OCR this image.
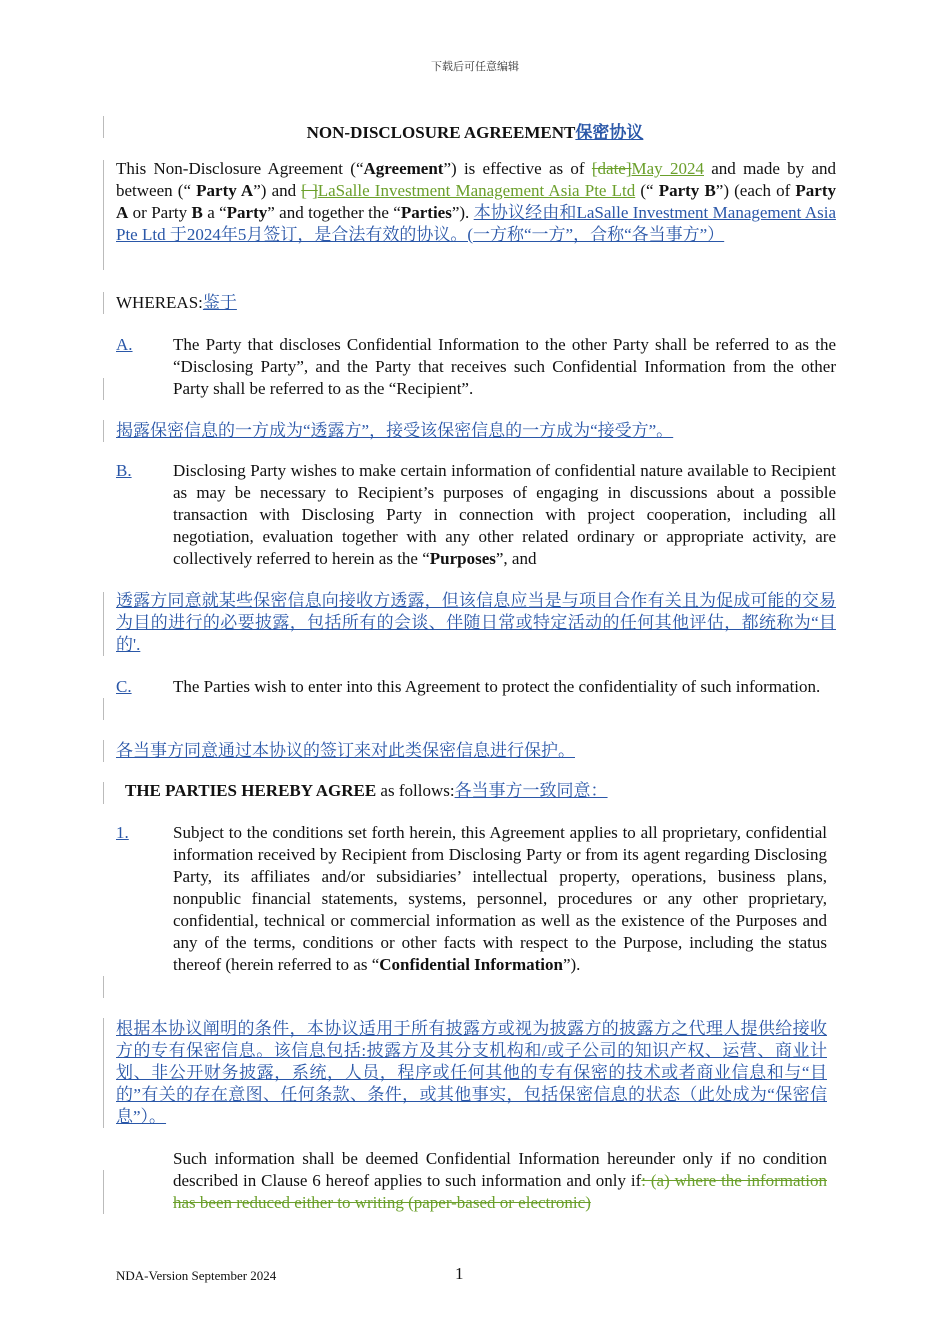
下载后可任意编辑
NON-DISCLOSURE AGREEMENT保密协议
This Non-Disclosure Agreement (“Agreement”) is effective as of [date]May 2024 and made by and between (“ Party A”) and [ ]LaSalle Investment Management Asia Pte Ltd (“ Party B”) (each of Party A or Party B a “Party” and together the “Parties”). 本协议经由和LaSalle Investment Management Asia Pte Ltd 于2024年5月签订，是合法有效的协议。(一方称“一方”，合称“各当事方”）
WHEREAS:鉴于
A. The Party that discloses Confidential Information to the other Party shall be referred to as the “Disclosing Party”, and the Party that receives such Confidential Information from the other Party shall be referred to as the “Recipient”.
揭露保密信息的一方成为“透露方”，接受该保密信息的一方成为“接受方”。
B. Disclosing Party wishes to make certain information of confidential nature available to Recipient as may be necessary to Recipient’s purposes of engaging in discussions about a possible transaction with Disclosing Party in connection with project cooperation, including all negotiation, evaluation together with any other related ordinary or appropriate activity, are collectively referred to herein as the “Purposes”, and
透露方同意就某些保密信息向接收方透露，但该信息应当是与项目合作有关且为促成可能的交易为目的进行的必要披露，包括所有的会谈、伴随日常或特定活动的任何其他评估，都统称为“目的'.
C. The Parties wish to enter into this Agreement to protect the confidentiality of such information.
各当事方同意通过本协议的签订来对此类保密信息进行保护。
THE PARTIES HEREBY AGREE as follows:各当事方一致同意：
1.	Subject to the conditions set forth herein, this Agreement applies to all proprietary, confidential information received by Recipient from Disclosing Party or from its agent regarding Disclosing Party, its affiliates and/or subsidiaries’ intellectual property, operations, business plans, nonpublic financial statements, systems, personnel, procedures or any other proprietary, confidential, technical or commercial information as well as the existence of the Purposes and any of the terms, conditions or other facts with respect to the Purpose, including the status thereof (herein referred to as “Confidential Information”).
根据本协议阐明的条件，本协议适用于所有披露方或视为披露方的披露方之代理人提供给接收方的专有保密信息。该信息包括:披露方及其分支机构和/或子公司的知识产权、运营、商业计划、非公开财务披露，系统，人员，程序或任何其他的专有保密的技术或者商业信息和与“目的”有关的存在意图、任何条款、条件，或其他事实，包括保密信息的状态（此处成为“保密信息”）。
Such information shall be deemed Confidential Information hereunder only if no condition described in Clause 6 hereof applies to such information and only if: (a) where the information has been reduced either to writing (paper-based or electronic)
NDA-Version September 2024	1
